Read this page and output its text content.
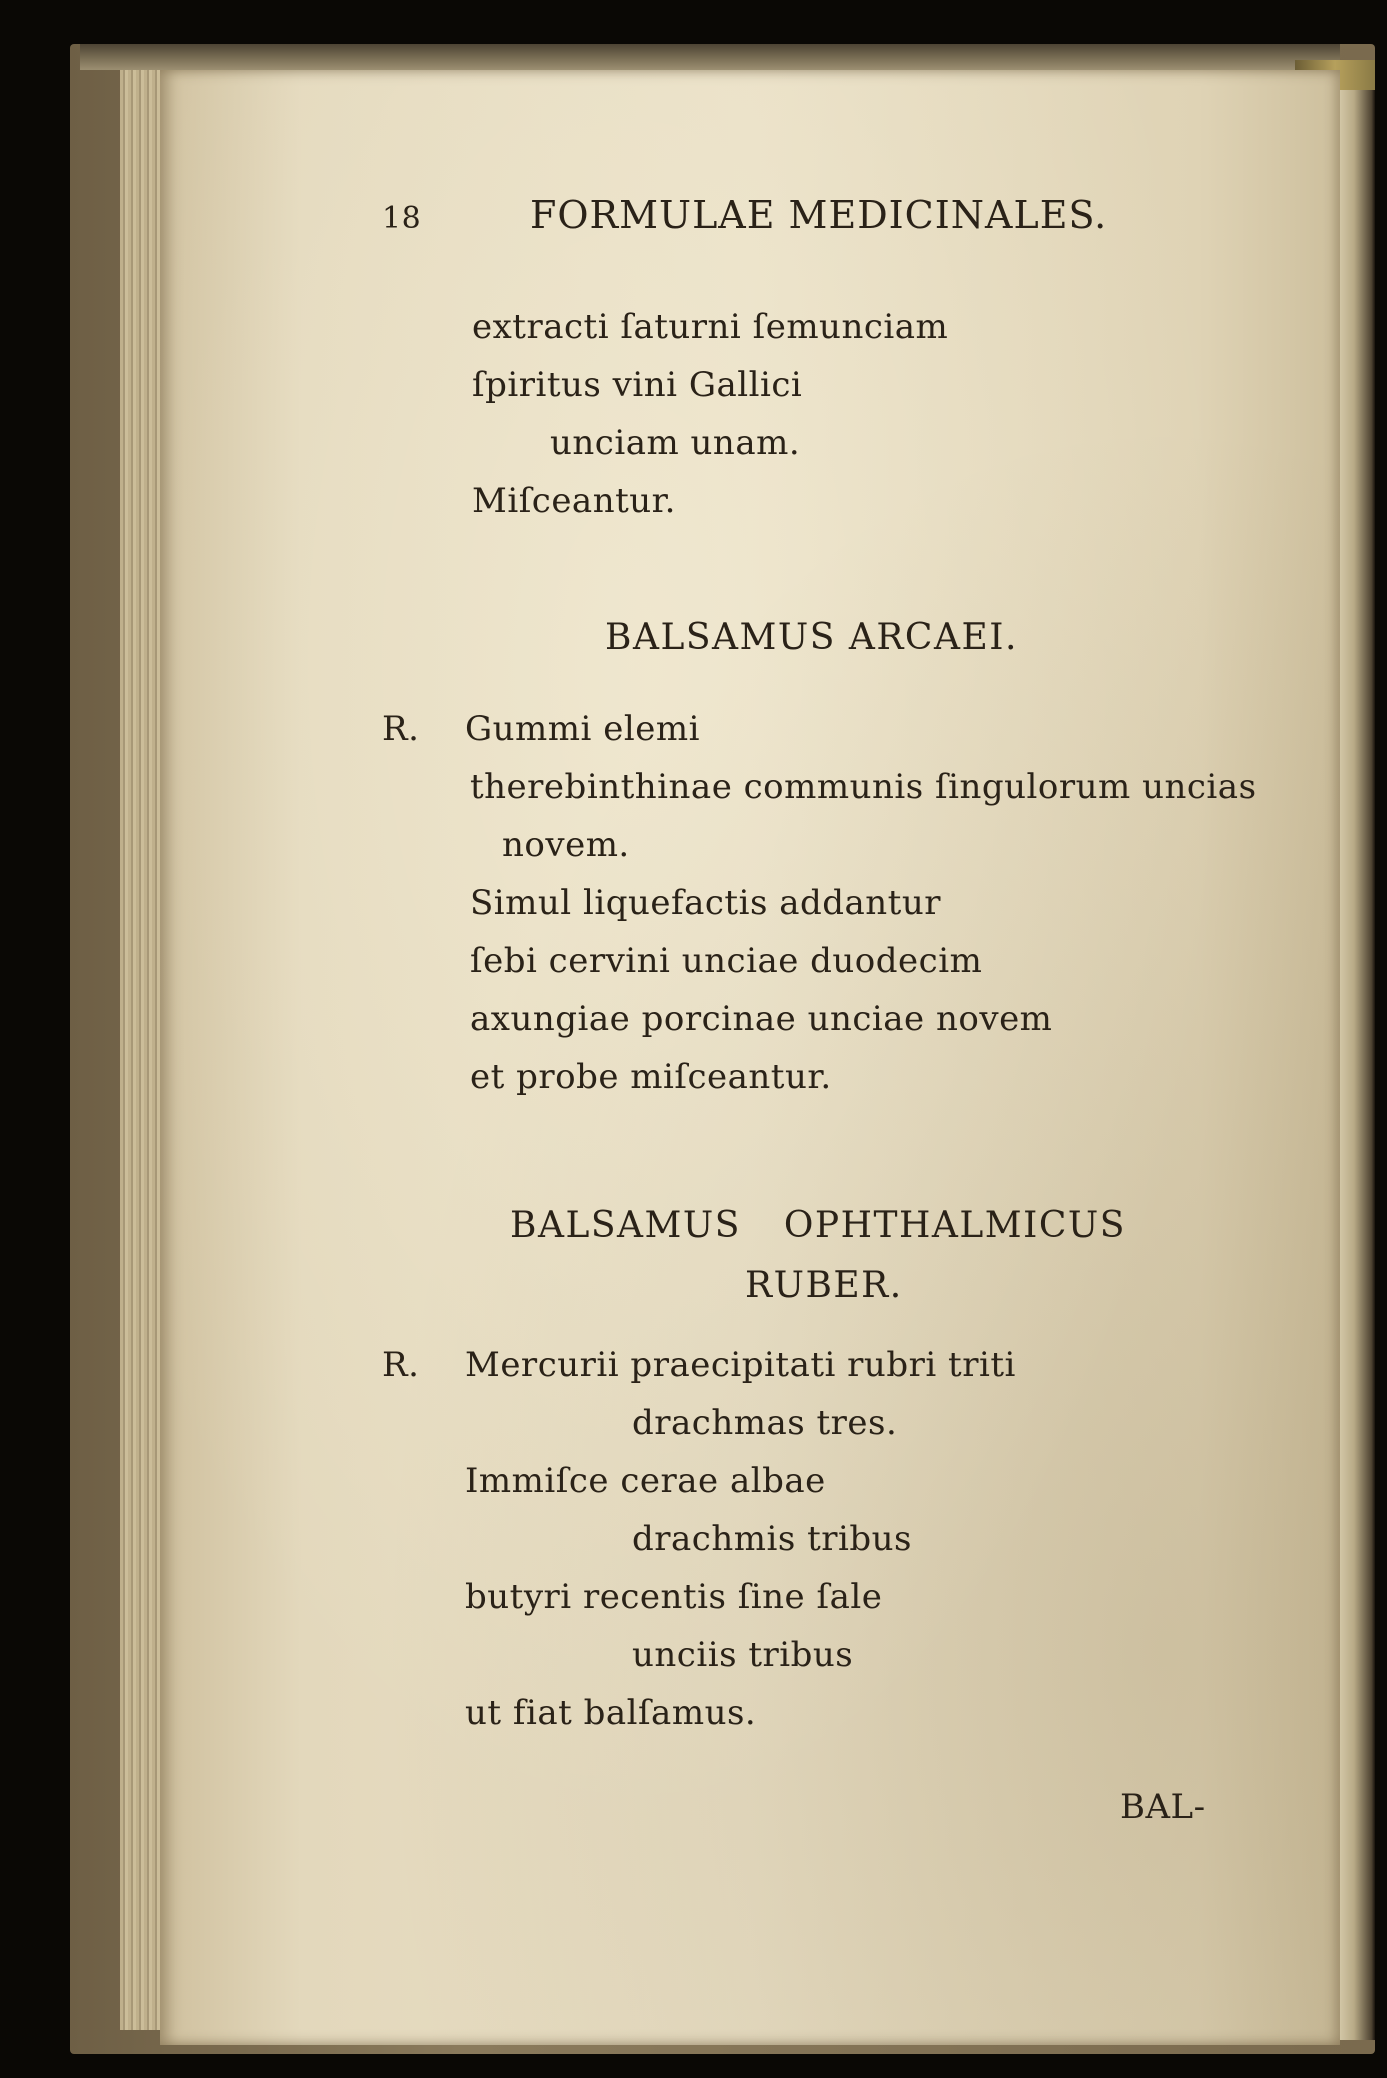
18	FORMULAE MEDICINALES.
extracti ſaturni ſemunciam
ſpiritus vini Gallici
unciam unam.
Miſceantur.
BALSAMUS ARCAEI.
R. Gummi elemi
therebinthinae communis ſingulorum uncias
novem.
Simul liquefactis addantur
ſebi cervini unciae duodecim
axungiae porcinae unciae novem
et probe miſceantur.
BALSAMUS OPHTHALMICUS
RUBER.
R. Mercurii praecipitati rubri triti
drachmas tres.
Immiſce cerae albae
drachmis tribus
butyri recentis ſine ſale
unciis tribus
ut fiat balſamus.
BAL-
